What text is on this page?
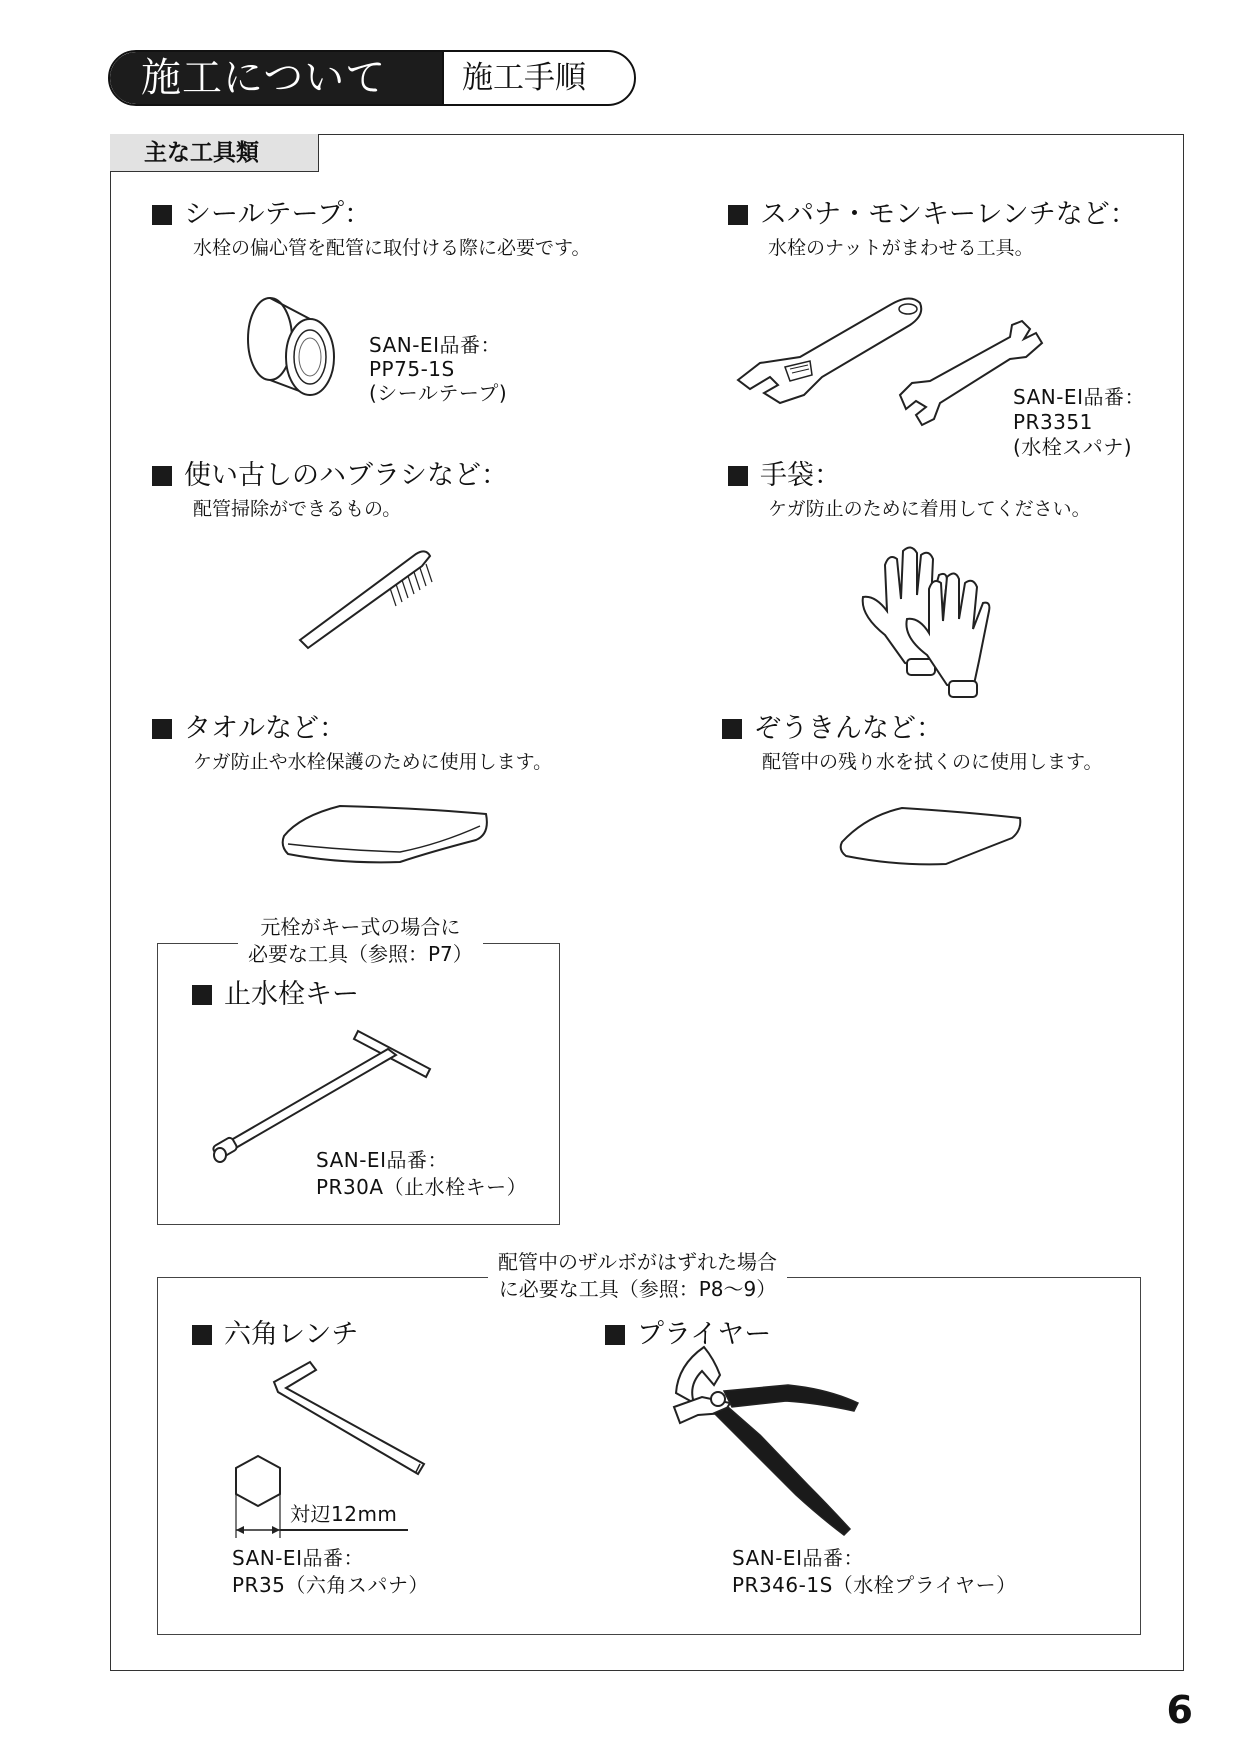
施工について 施工手順
主な工具類
シールテープ：
水栓の偏心管を配管に取付ける際に必要です。
SAN-EI品番：
PP75-1S
(シールテープ)
スパナ・モンキーレンチなど：
水栓のナットがまわせる工具。
SAN-EI品番：
PR3351
(水栓スパナ)
使い古しのハブラシなど：
配管掃除ができるもの。
手袋：
ケガ防止のために着用してください。
タオルなど：
ケガ防止や水栓保護のために使用します。
ぞうきんなど：
配管中の残り水を拭くのに使用します。
元栓がキー式の場合に
必要な工具（参照：P7）
止水栓キー
SAN-EI品番：
PR30A（止水栓キー）
配管中のザルボがはずれた場合
に必要な工具（参照：P8～9）
六角レンチ
対辺12mm
SAN-EI品番：
PR35（六角スパナ）
プライヤー
SAN-EI品番：
PR346-1S（水栓プライヤー）
6
